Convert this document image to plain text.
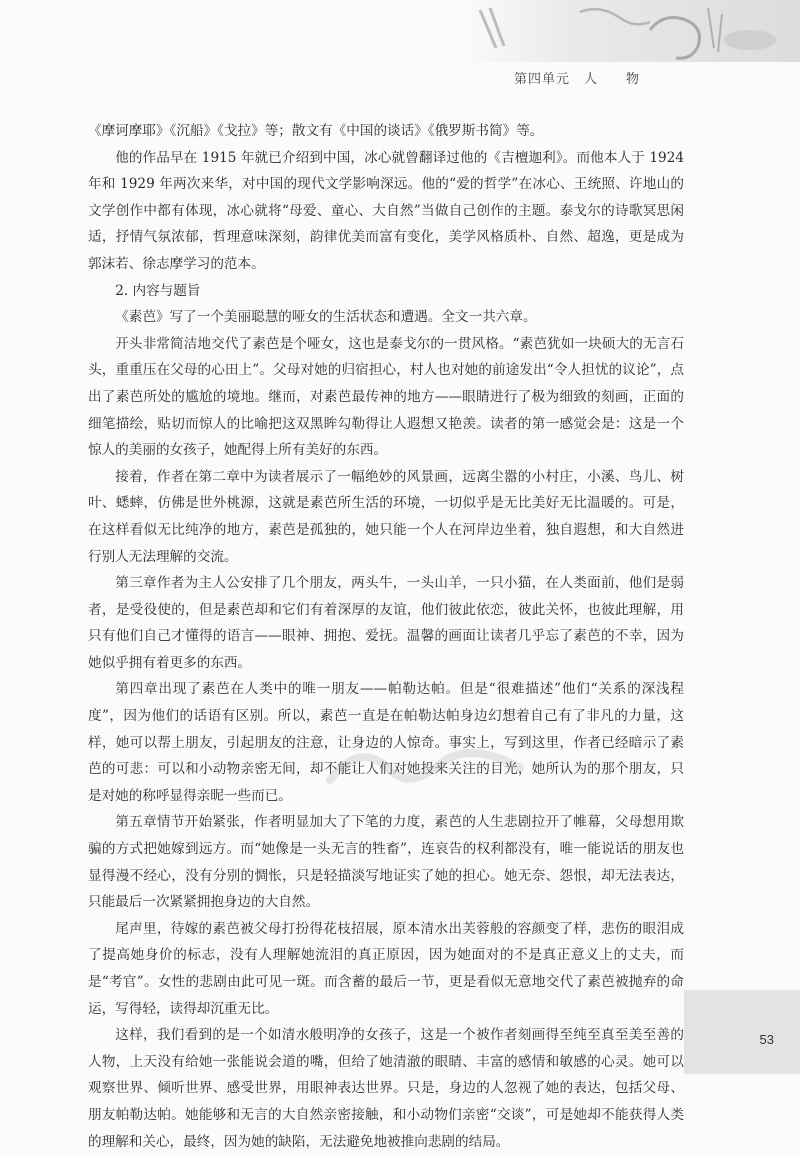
第四单元　人　　物

《摩诃摩耶》《沉船》《戈拉》等；散文有《中国的谈话》《俄罗斯书简》等。

他的作品早在 1915 年就已介绍到中国，冰心就曾翻译过他的《吉檀迦利》。而他本人于 1924 年和 1929 年两次来华，对中国的现代文学影响深远。他的“爱的哲学”在冰心、王统照、许地山的文学创作中都有体现，冰心就将“母爱、童心、大自然”当做自己创作的主题。泰戈尔的诗歌冥思闲适，抒情气氛浓郁，哲理意味深刻，韵律优美而富有变化，美学风格质朴、自然、超逸，更是成为郭沫若、徐志摩学习的范本。

2. 内容与题旨

《素芭》写了一个美丽聪慧的哑女的生活状态和遭遇。全文一共六章。

开头非常简洁地交代了素芭是个哑女，这也是泰戈尔的一贯风格。“素芭犹如一块硕大的无言石头，重重压在父母的心田上”。父母对她的归宿担心，村人也对她的前途发出“令人担忧的议论”，点出了素芭所处的尴尬的境地。继而，对素芭最传神的地方——眼睛进行了极为细致的刻画，正面的细笔描绘，贴切而惊人的比喻把这双黑眸勾勒得让人遐想又艳羡。读者的第一感觉会是：这是一个惊人的美丽的女孩子，她配得上所有美好的东西。

接着，作者在第二章中为读者展示了一幅绝妙的风景画，远离尘嚣的小村庄，小溪、鸟儿、树叶、蟋蟀，仿佛是世外桃源，这就是素芭所生活的环境，一切似乎是无比美好无比温暖的。可是，在这样看似无比纯净的地方，素芭是孤独的，她只能一个人在河岸边坐着，独自遐想，和大自然进行别人无法理解的交流。

第三章作者为主人公安排了几个朋友，两头牛，一头山羊，一只小猫，在人类面前，他们是弱者，是受役使的，但是素芭却和它们有着深厚的友谊，他们彼此依恋，彼此关怀，也彼此理解，用只有他们自己才懂得的语言——眼神、拥抱、爱抚。温馨的画面让读者几乎忘了素芭的不幸，因为她似乎拥有着更多的东西。

第四章出现了素芭在人类中的唯一朋友——帕勒达帕。但是“很难描述”他们“关系的深浅程度”，因为他们的话语有区别。所以，素芭一直是在帕勒达帕身边幻想着自己有了非凡的力量，这样，她可以帮上朋友，引起朋友的注意，让身边的人惊奇。事实上，写到这里，作者已经暗示了素芭的可悲：可以和小动物亲密无间，却不能让人们对她投来关注的目光，她所认为的那个朋友，只是对她的称呼显得亲昵一些而已。

第五章情节开始紧张，作者明显加大了下笔的力度，素芭的人生悲剧拉开了帷幕，父母想用欺骗的方式把她嫁到远方。而“她像是一头无言的牲畜”，连哀告的权利都没有，唯一能说话的朋友也显得漫不经心，没有分别的惆怅，只是轻描淡写地证实了她的担心。她无奈、怨恨，却无法表达，只能最后一次紧紧拥抱身边的大自然。

尾声里，待嫁的素芭被父母打扮得花枝招展，原本清水出芙蓉般的容颜变了样，悲伤的眼泪成了提高她身价的标志，没有人理解她流泪的真正原因，因为她面对的不是真正意义上的丈夫，而是“考官”。女性的悲剧由此可见一斑。而含蓄的最后一节，更是看似无意地交代了素芭被抛弃的命运，写得轻，读得却沉重无比。

这样，我们看到的是一个如清水般明净的女孩子，这是一个被作者刻画得至纯至真至美至善的人物，上天没有给她一张能说会道的嘴，但给了她清澈的眼睛、丰富的感情和敏感的心灵。她可以观察世界、倾听世界、感受世界，用眼神表达世界。只是，身边的人忽视了她的表达，包括父母、朋友帕勒达帕。她能够和无言的大自然亲密接触，和小动物们亲密“交谈”，可是她却不能获得人类的理解和关心，最终，因为她的缺陷，无法避免地被推向悲剧的结局。

53
